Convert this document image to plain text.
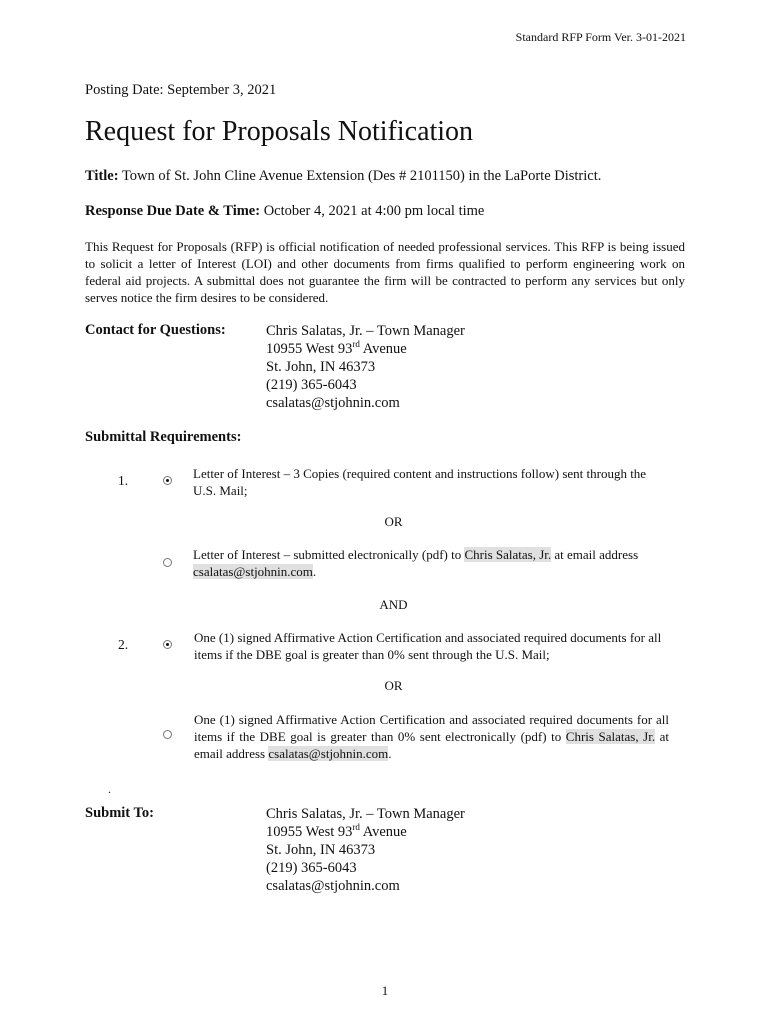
Standard RFP Form Ver. 3-01-2021
Posting Date: September 3, 2021
Request for Proposals Notification
Title: Town of St. John Cline Avenue Extension (Des # 2101150) in the LaPorte District.
Response Due Date & Time: October 4, 2021 at 4:00 pm local time
This Request for Proposals (RFP) is official notification of needed professional services. This RFP is being issued to solicit a letter of Interest (LOI) and other documents from firms qualified to perform engineering work on federal aid projects. A submittal does not guarantee the firm will be contracted to perform any services but only serves notice the firm desires to be considered.
Contact for Questions:	Chris Salatas, Jr. – Town Manager
10955 West 93rd Avenue
St. John, IN 46373
(219) 365-6043
csalatas@stjohnin.com
Submittal Requirements:
1.	Letter of Interest – 3 Copies (required content and instructions follow) sent through the U.S. Mail;
OR
Letter of Interest – submitted electronically (pdf) to Chris Salatas, Jr. at email address csalatas@stjohnin.com.
AND
2.	One (1) signed Affirmative Action Certification and associated required documents for all items if the DBE goal is greater than 0% sent through the U.S. Mail;
OR
One (1) signed Affirmative Action Certification and associated required documents for all items if the DBE goal is greater than 0% sent electronically (pdf) to Chris Salatas, Jr. at email address csalatas@stjohnin.com.
.
Submit To:	Chris Salatas, Jr. – Town Manager
10955 West 93rd Avenue
St. John, IN 46373
(219) 365-6043
csalatas@stjohnin.com
1
